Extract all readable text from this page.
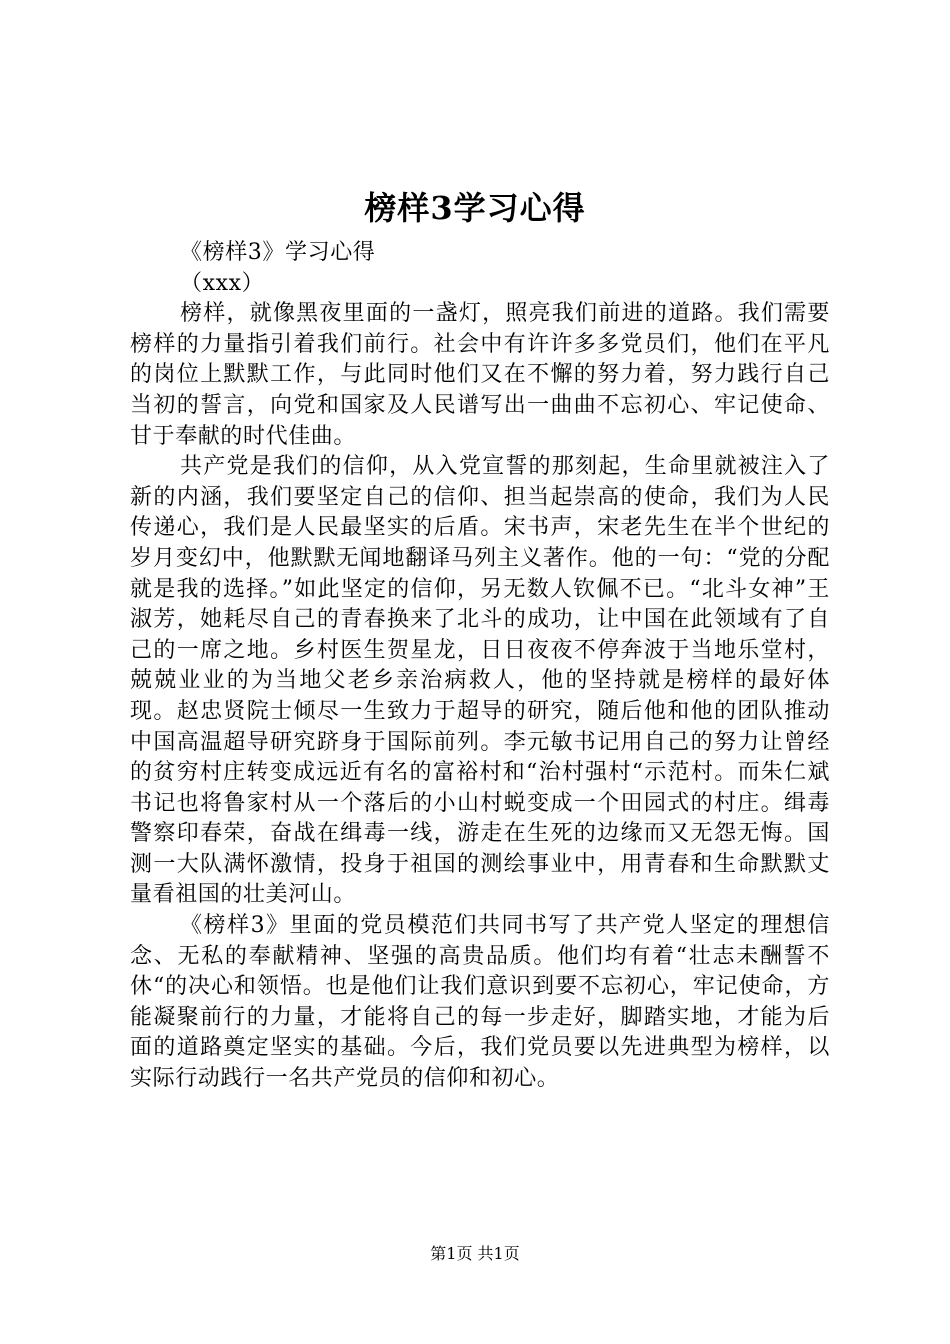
榜样3学习心得

《榜样3》学习心得

（xxx）

榜样，就像黑夜里面的一盏灯，照亮我们前进的道路。我们需要榜样的力量指引着我们前行。社会中有许许多多党员们，他们在平凡的岗位上默默工作，与此同时他们又在不懈的努力着，努力践行自己当初的誓言，向党和国家及人民谱写出一曲曲不忘初心、牢记使命、甘于奉献的时代佳曲。

共产党是我们的信仰，从入党宣誓的那刻起，生命里就被注入了新的内涵，我们要坚定自己的信仰、担当起崇高的使命，我们为人民传递心，我们是人民最坚实的后盾。宋书声，宋老先生在半个世纪的岁月变幻中，他默默无闻地翻译马列主义著作。他的一句：“党的分配就是我的选择。”如此坚定的信仰，另无数人钦佩不已。“北斗女神”王淑芳，她耗尽自己的青春换来了北斗的成功，让中国在此领域有了自己的一席之地。乡村医生贺星龙，日日夜夜不停奔波于当地乐堂村，兢兢业业的为当地父老乡亲治病救人，他的坚持就是榜样的最好体现。赵忠贤院士倾尽一生致力于超导的研究，随后他和他的团队推动中国高温超导研究跻身于国际前列。李元敏书记用自己的努力让曾经的贫穷村庄转变成远近有名的富裕村和“治村强村“示范村。而朱仁斌书记也将鲁家村从一个落后的小山村蜕变成一个田园式的村庄。缉毒警察印春荣，奋战在缉毒一线，游走在生死的边缘而又无怨无悔。国测一大队满怀激情，投身于祖国的测绘事业中，用青春和生命默默丈量看祖国的壮美河山。

《榜样3》里面的党员模范们共同书写了共产党人坚定的理想信念、无私的奉献精神、坚强的高贵品质。他们均有着“壮志未酬誓不休“的决心和领悟。也是他们让我们意识到要不忘初心，牢记使命，方能凝聚前行的力量，才能将自己的每一步走好，脚踏实地，才能为后面的道路奠定坚实的基础。今后，我们党员要以先进典型为榜样，以实际行动践行一名共产党员的信仰和初心。

第1页 共1页
